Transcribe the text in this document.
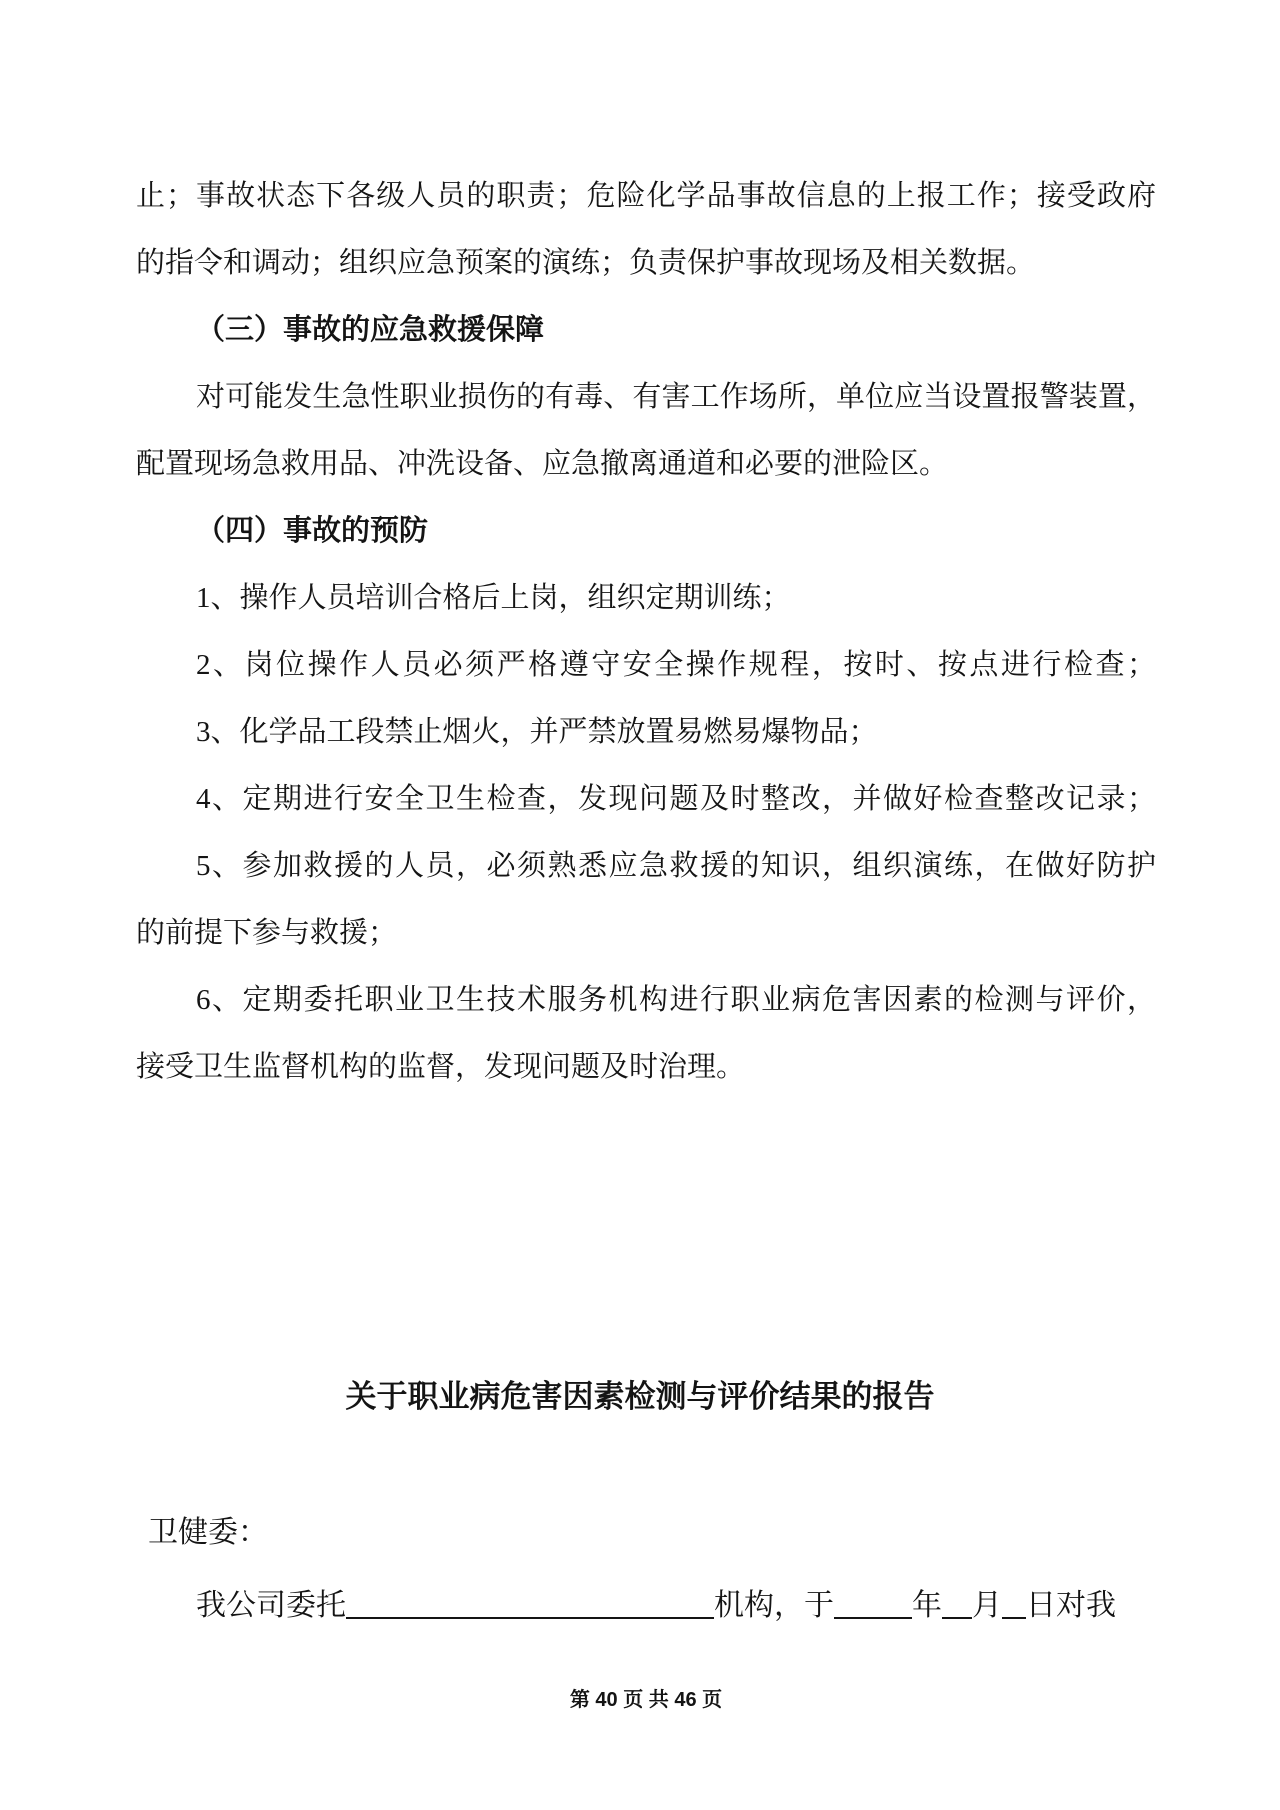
止；事故状态下各级人员的职责；危险化学品事故信息的上报工作；接受政府
的指令和调动；组织应急预案的演练；负责保护事故现场及相关数据。
（三）事故的应急救援保障
对可能发生急性职业损伤的有毒、有害工作场所，单位应当设置报警装置，
配置现场急救用品、冲洗设备、应急撤离通道和必要的泄险区。
（四）事故的预防
1、操作人员培训合格后上岗，组织定期训练；
2、岗位操作人员必须严格遵守安全操作规程，按时、按点进行检查；
3、化学品工段禁止烟火，并严禁放置易燃易爆物品；
4、定期进行安全卫生检查，发现问题及时整改，并做好检查整改记录；
5、参加救援的人员，必须熟悉应急救援的知识，组织演练，在做好防护
的前提下参与救援；
6、定期委托职业卫生技术服务机构进行职业病危害因素的检测与评价，
接受卫生监督机构的监督，发现问题及时治理。
关于职业病危害因素检测与评价结果的报告
卫健委：
我公司委托	机构，于	年 月 日对我
第 40 页 共 46 页
